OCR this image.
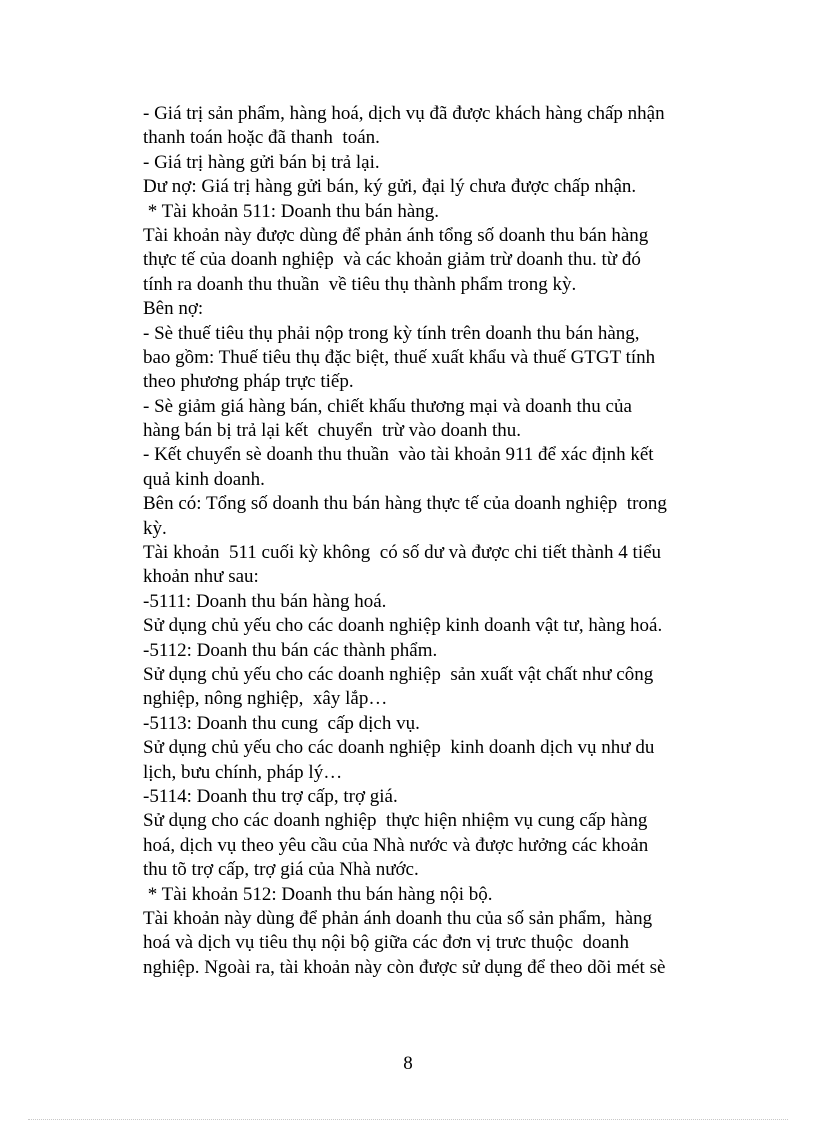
- Giá trị sản phẩm, hàng hoá, dịch vụ đã được khách hàng chấp nhận
thanh toán hoặc đã thanh  toán.
- Giá trị hàng gửi bán bị trả lại.
Dư nợ: Giá trị hàng gửi bán, ký gửi, đại lý chưa được chấp nhận.
* Tài khoản 511: Doanh thu bán hàng.
Tài khoản này được dùng để phản ánh tổng số doanh thu bán hàng
thực tế của doanh nghiệp  và các khoản giảm trừ doanh thu. từ đó
tính ra doanh thu thuần  về tiêu thụ thành phẩm trong kỳ.
Bên nợ:
- Sè thuế tiêu thụ phải nộp trong kỳ tính trên doanh thu bán hàng,
bao gồm: Thuế tiêu thụ đặc biệt, thuế xuất khẩu và thuế GTGT tính
theo phương pháp trực tiếp.
- Sè giảm giá hàng bán, chiết khấu thương mại và doanh thu của
hàng bán bị trả lại kết  chuyển  trừ vào doanh thu.
- Kết chuyển sè doanh thu thuần  vào tài khoản 911 để xác định kết
quả kinh doanh.
Bên có: Tổng số doanh thu bán hàng thực tế của doanh nghiệp  trong
kỳ.
Tài khoản  511 cuối kỳ không  có số dư và được chi tiết thành 4 tiểu
khoản như sau:
-5111: Doanh thu bán hàng hoá.
Sử dụng chủ yếu cho các doanh nghiệp kinh doanh vật tư, hàng hoá.
-5112: Doanh thu bán các thành phẩm.
Sử dụng chủ yếu cho các doanh nghiệp  sản xuất vật chất như công
nghiệp, nông nghiệp,  xây lắp…
-5113: Doanh thu cung  cấp dịch vụ.
Sử dụng chủ yếu cho các doanh nghiệp  kinh doanh dịch vụ như du
lịch, bưu chính, pháp lý…
-5114: Doanh thu trợ cấp, trợ giá.
Sử dụng cho các doanh nghiệp  thực hiện nhiệm vụ cung cấp hàng
hoá, dịch vụ theo yêu cầu của Nhà nước và được hưởng các khoản
thu tõ trợ cấp, trợ giá của Nhà nước.
* Tài khoản 512: Doanh thu bán hàng nội bộ.
Tài khoản này dùng để phản ánh doanh thu của số sản phẩm,  hàng
hoá và dịch vụ tiêu thụ nội bộ giữa các đơn vị trưc thuộc  doanh
nghiệp. Ngoài ra, tài khoản này còn được sử dụng để theo dõi mét sè
8
